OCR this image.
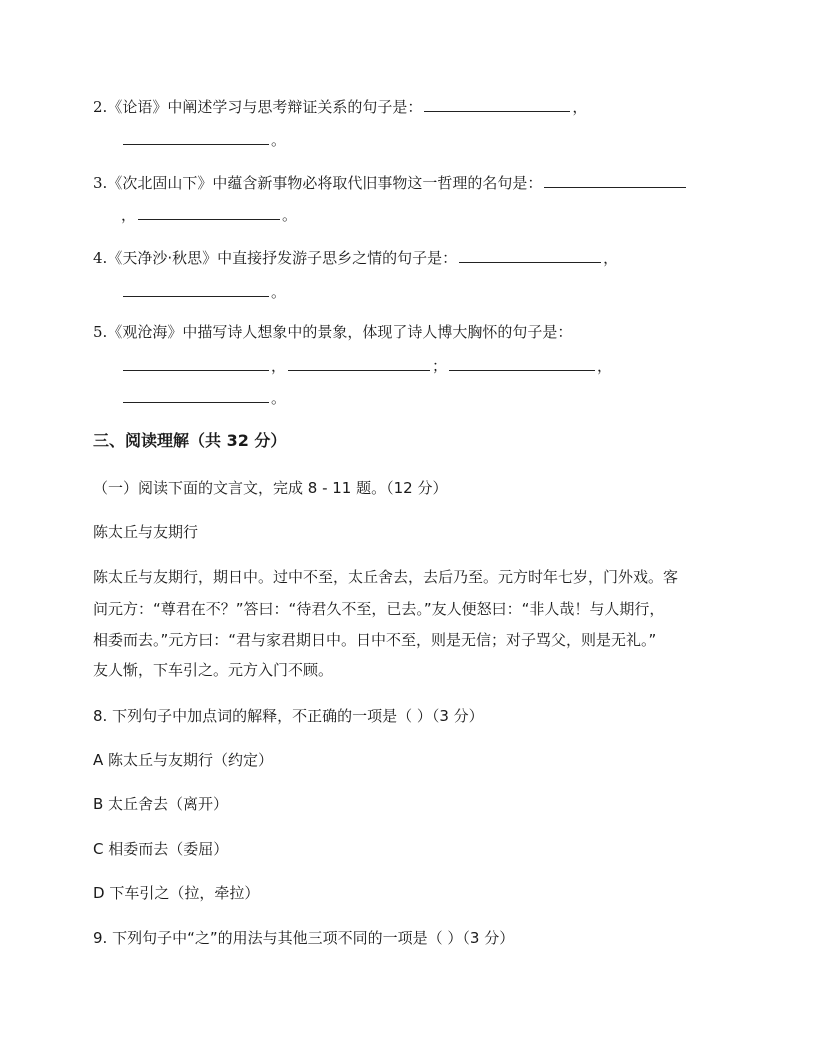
2.《论语》中阐述学习与思考辩证关系的句子是：	，
。
3.《次北固山下》中蕴含新事物必将取代旧事物这一哲理的名句是：
，	。
4.《天净沙·秋思》中直接抒发游子思乡之情的句子是：	，
。
5.《观沧海》中描写诗人想象中的景象，体现了诗人博大胸怀的句子是：
，	；	，
。
三、阅读理解（共 32 分）
（一）阅读下面的文言文，完成 8 - 11 题。（12 分）
陈太丘与友期行
陈太丘与友期行，期日中。过中不至，太丘舍去，去后乃至。元方时年七岁，门外戏。客
问元方：“尊君在不？”答曰：“待君久不至，已去。”友人便怒曰：“非人哉！与人期行，
相委而去。”元方曰：“君与家君期日中。日中不至，则是无信；对子骂父，则是无礼。”
友人惭，下车引之。元方入门不顾。
8. 下列句子中加点词的解释，不正确的一项是（ ）（3 分）
A 陈太丘与友期行（约定）
B 太丘舍去（离开）
C 相委而去（委屈）
D 下车引之（拉，牵拉）
9. 下列句子中“之”的用法与其他三项不同的一项是（ ）（3 分）
